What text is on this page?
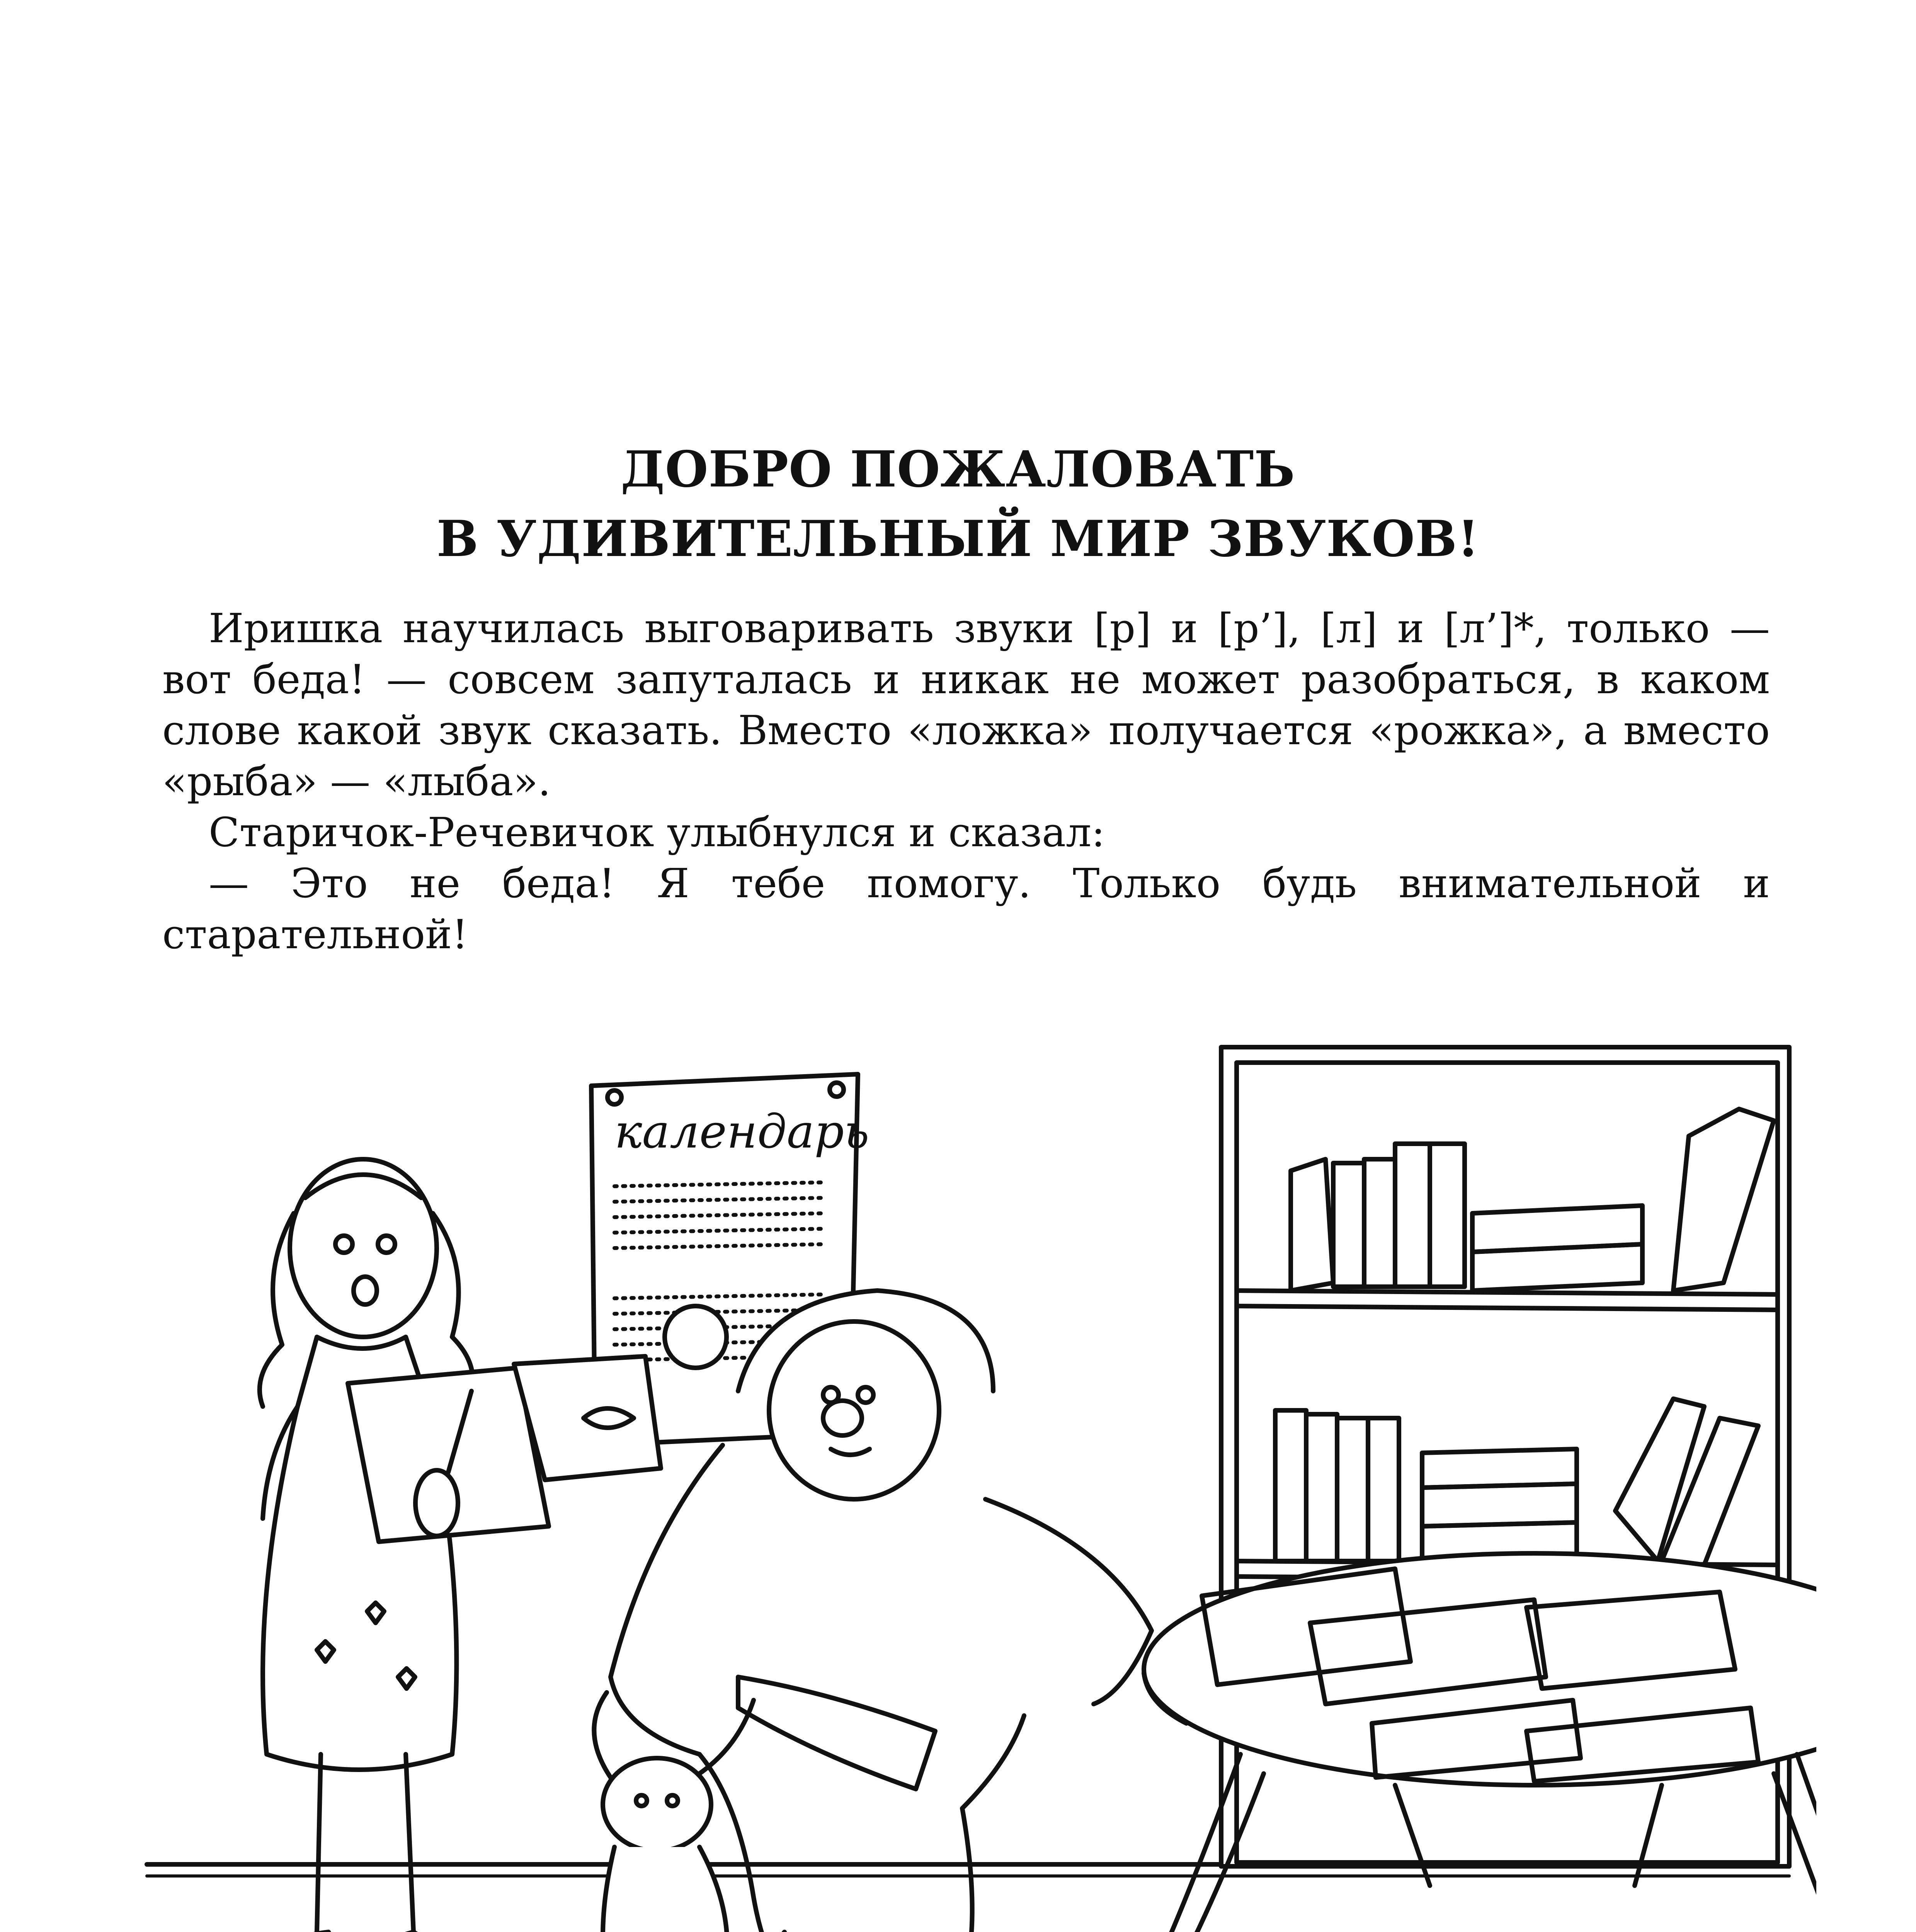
ДОБРО ПОЖАЛОВАТЬ
В УДИВИТЕЛЬНЫЙ МИР ЗВУКОВ!

Иришка научилась выговаривать звуки [р] и [р’], [л] и [л’]*, только — вот беда! — совсем запуталась и никак не может разобраться, в каком слове какой звук сказать. Вместо «ложка» получается «рожка», а вместо «рыба» — «лыба».

Старичок-Речевичок улыбнулся и сказал:

— Это не беда! Я тебе помогу. Только будь внимательной и старательной!

календарь
